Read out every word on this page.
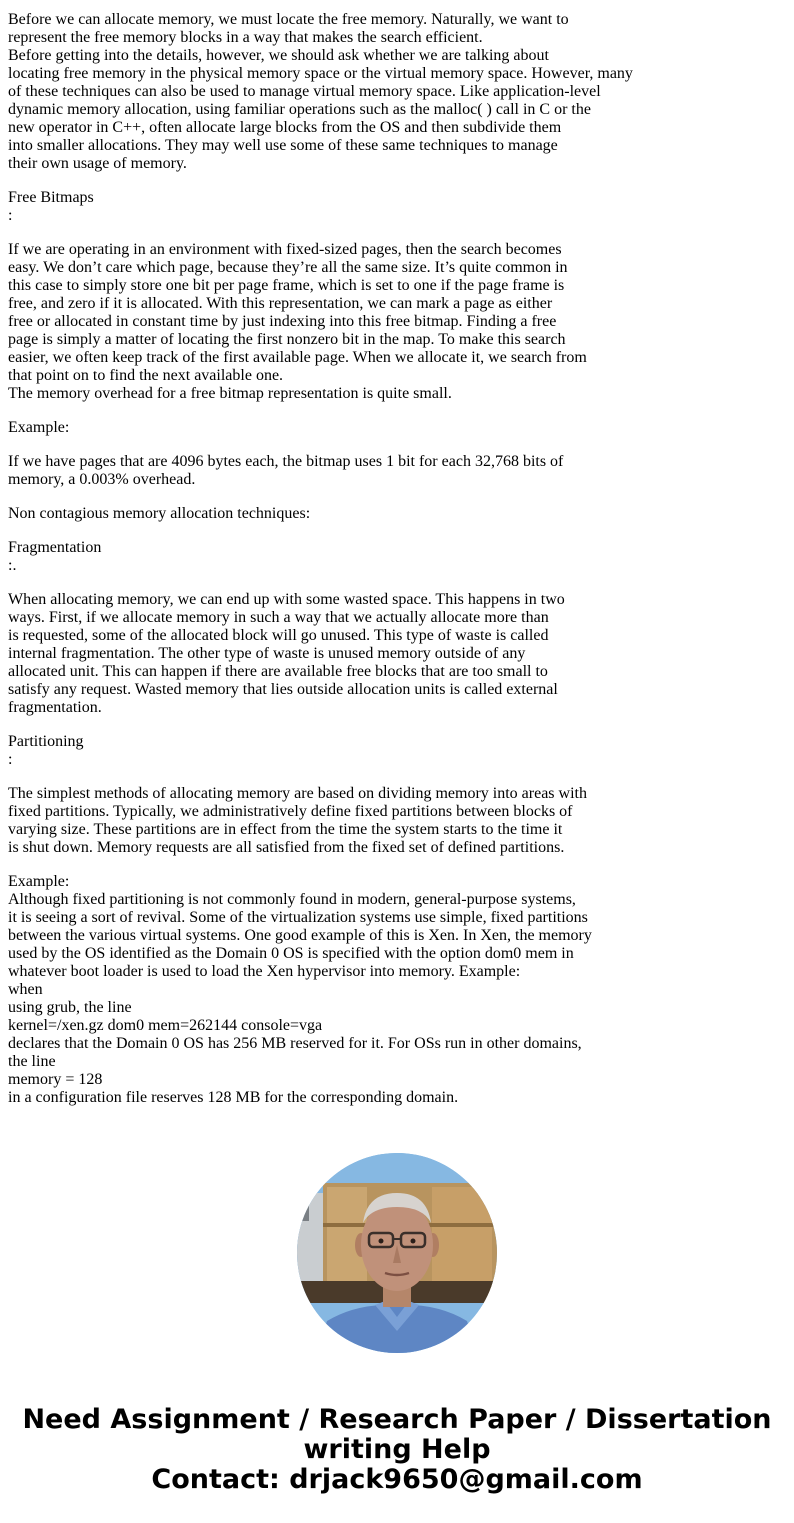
Before we can allocate memory, we must locate the free memory. Naturally, we want to
represent the free memory blocks in a way that makes the search efficient.
Before getting into the details, however, we should ask whether we are talking about
locating free memory in the physical memory space or the virtual memory space. However, many
of these techniques can also be used to manage virtual memory space. Like application-level
dynamic memory allocation, using familiar operations such as the malloc( ) call in C or the
new operator in C++, often allocate large blocks from the OS and then subdivide them
into smaller allocations. They may well use some of these same techniques to manage
their own usage of memory.
Free Bitmaps
:
If we are operating in an environment with fixed-sized pages, then the search becomes
easy. We don’t care which page, because they’re all the same size. It’s quite common in
this case to simply store one bit per page frame, which is set to one if the page frame is
free, and zero if it is allocated. With this representation, we can mark a page as either
free or allocated in constant time by just indexing into this free bitmap. Finding a free
page is simply a matter of locating the first nonzero bit in the map. To make this search
easier, we often keep track of the first available page. When we allocate it, we search from
that point on to find the next available one.
The memory overhead for a free bitmap representation is quite small.
Example:
If we have pages that are 4096 bytes each, the bitmap uses 1 bit for each 32,768 bits of
memory, a 0.003% overhead.
Non contagious memory allocation techniques:
Fragmentation
:.
When allocating memory, we can end up with some wasted space. This happens in two
ways. First, if we allocate memory in such a way that we actually allocate more than
is requested, some of the allocated block will go unused. This type of waste is called
internal fragmentation. The other type of waste is unused memory outside of any
allocated unit. This can happen if there are available free blocks that are too small to
satisfy any request. Wasted memory that lies outside allocation units is called external
fragmentation.
Partitioning
:
The simplest methods of allocating memory are based on dividing memory into areas with
fixed partitions. Typically, we administratively define fixed partitions between blocks of
varying size. These partitions are in effect from the time the system starts to the time it
is shut down. Memory requests are all satisfied from the fixed set of defined partitions.
Example:
Although fixed partitioning is not commonly found in modern, general-purpose systems,
it is seeing a sort of revival. Some of the virtualization systems use simple, fixed partitions
between the various virtual systems. One good example of this is Xen. In Xen, the memory
used by the OS identified as the Domain 0 OS is specified with the option dom0 mem in
whatever boot loader is used to load the Xen hypervisor into memory. Example:
when
using grub, the line
kernel=/xen.gz dom0 mem=262144 console=vga
declares that the Domain 0 OS has 256 MB reserved for it. For OSs run in other domains,
the line
memory = 128
in a configuration file reserves 128 MB for the corresponding domain.
Need Assignment / Research Paper / Dissertation
writing Help
Contact: drjack9650@gmail.com
